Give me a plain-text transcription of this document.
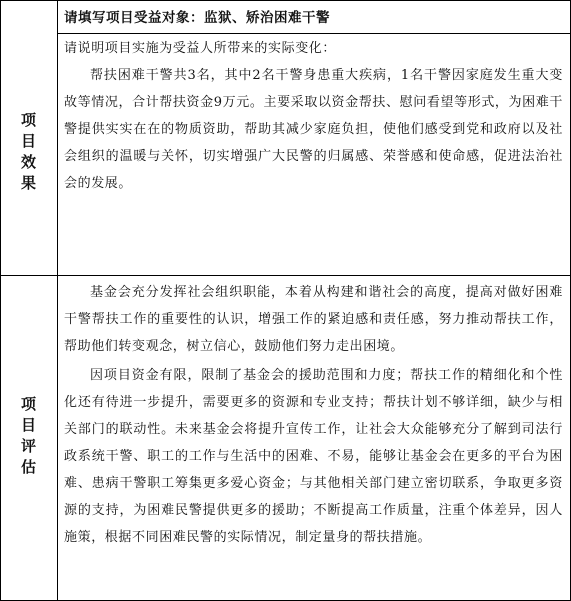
请填写项目受益对象：监狱、矫治困难干警
项目效果

请说明项目实施为受益人所带来的实际变化：

帮扶困难干警共3名，其中2名干警身患重大疾病，1名干警因家庭发生重大变故等情况，合计帮扶资金9万元。主要采取以资金帮扶、慰问看望等形式，为困难干警提供实实在在的物质资助，帮助其减少家庭负担，使他们感受到党和政府以及社会组织的温暖与关怀，切实增强广大民警的归属感、荣誉感和使命感，促进法治社会的发展。

项目评估

基金会充分发挥社会组织职能，本着从构建和谐社会的高度，提高对做好困难干警帮扶工作的重要性的认识，增强工作的紧迫感和责任感，努力推动帮扶工作，帮助他们转变观念，树立信心，鼓励他们努力走出困境。

因项目资金有限，限制了基金会的援助范围和力度；帮扶工作的精细化和个性化还有待进一步提升，需要更多的资源和专业支持；帮扶计划不够详细，缺少与相关部门的联动性。未来基金会将提升宣传工作，让社会大众能够充分了解到司法行政系统干警、职工的工作与生活中的困难、不易，能够让基金会在更多的平台为困难、患病干警职工筹集更多爱心资金；与其他相关部门建立密切联系，争取更多资源的支持，为困难民警提供更多的援助；不断提高工作质量，注重个体差异，因人施策，根据不同困难民警的实际情况，制定量身的帮扶措施。
